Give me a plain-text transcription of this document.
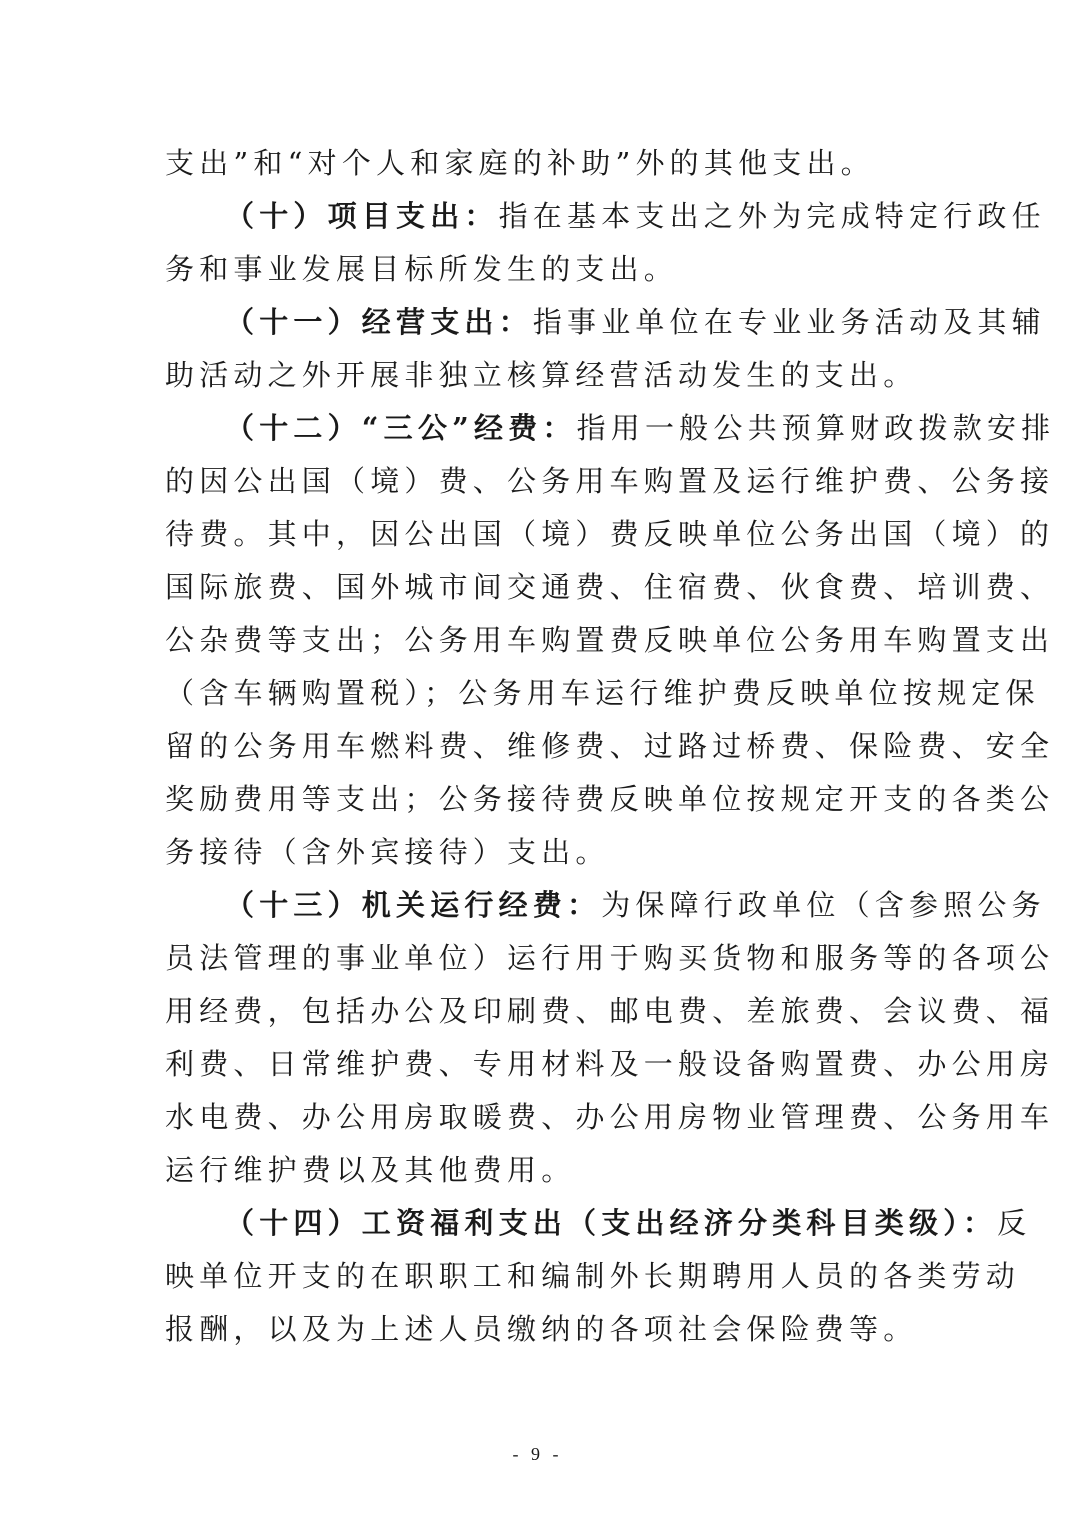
支出”和“对个人和家庭的补助”外的其他支出。
（十）项目支出：指在基本支出之外为完成特定行政任
务和事业发展目标所发生的支出。
（十一）经营支出：指事业单位在专业业务活动及其辅
助活动之外开展非独立核算经营活动发生的支出。
（十二）“三公”经费：指用一般公共预算财政拨款安排
的因公出国（境）费、公务用车购置及运行维护费、公务接
待费。其中，因公出国（境）费反映单位公务出国（境）的
国际旅费、国外城市间交通费、住宿费、伙食费、培训费、
公杂费等支出；公务用车购置费反映单位公务用车购置支出
（含车辆购置税）；公务用车运行维护费反映单位按规定保
留的公务用车燃料费、维修费、过路过桥费、保险费、安全
奖励费用等支出；公务接待费反映单位按规定开支的各类公
务接待（含外宾接待）支出。
（十三）机关运行经费：为保障行政单位（含参照公务
员法管理的事业单位）运行用于购买货物和服务等的各项公
用经费，包括办公及印刷费、邮电费、差旅费、会议费、福
利费、日常维护费、专用材料及一般设备购置费、办公用房
水电费、办公用房取暖费、办公用房物业管理费、公务用车
运行维护费以及其他费用。
（十四）工资福利支出（支出经济分类科目类级）：反
映单位开支的在职职工和编制外长期聘用人员的各类劳动
报酬，以及为上述人员缴纳的各项社会保险费等。
- 9 -
